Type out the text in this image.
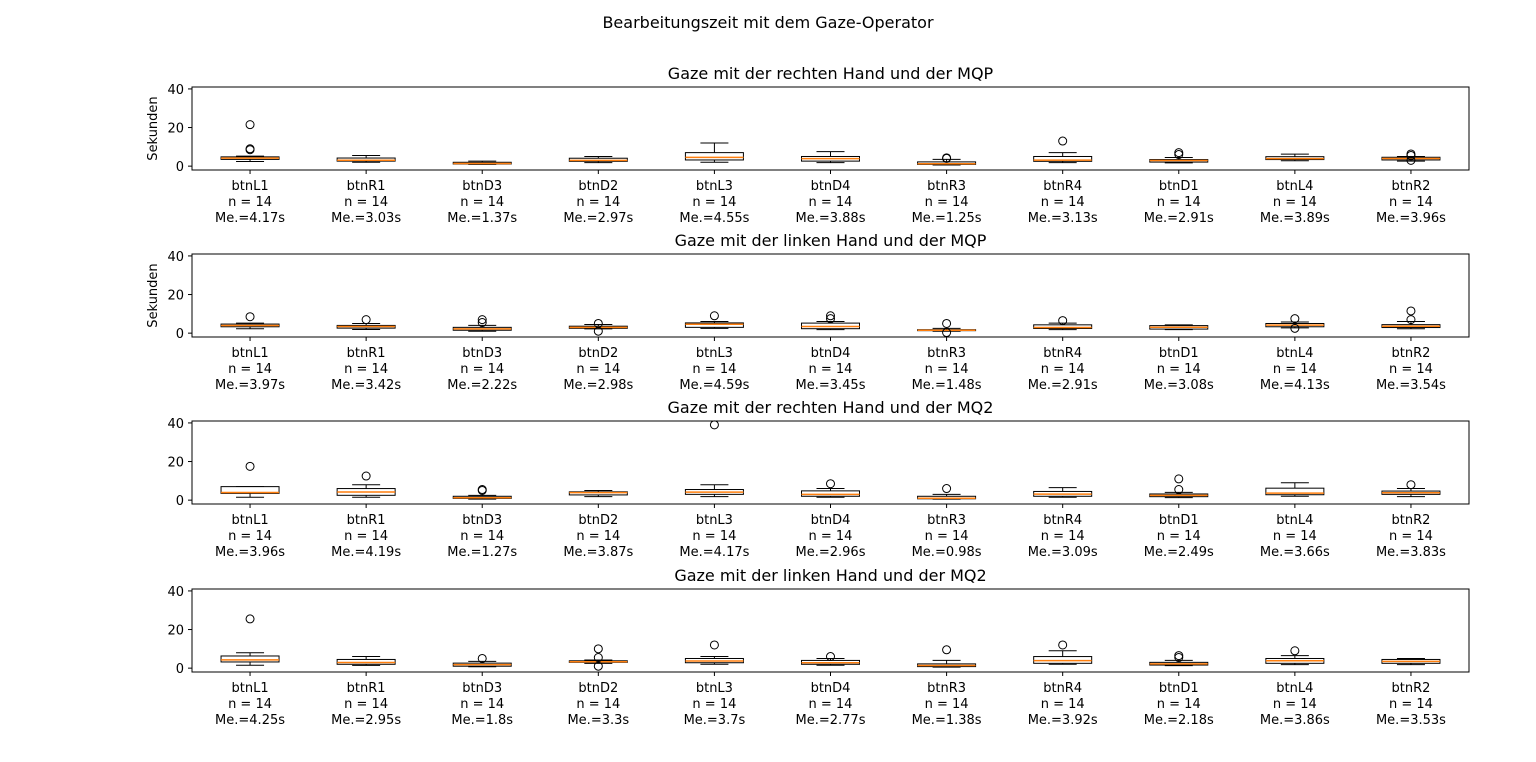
Bearbeitungszeit mit dem Gaze-Operator
Gaze mit der rechten Hand und der MQP
0
20
40
Sekunden
btnL1
n = 14
Me.=4.17s
btnR1
n = 14
Me.=3.03s
btnD3
n = 14
Me.=1.37s
btnD2
n = 14
Me.=2.97s
btnL3
n = 14
Me.=4.55s
btnD4
n = 14
Me.=3.88s
btnR3
n = 14
Me.=1.25s
btnR4
n = 14
Me.=3.13s
btnD1
n = 14
Me.=2.91s
btnL4
n = 14
Me.=3.89s
btnR2
n = 14
Me.=3.96s
Gaze mit der linken Hand und der MQP
0
20
40
Sekunden
btnL1
n = 14
Me.=3.97s
btnR1
n = 14
Me.=3.42s
btnD3
n = 14
Me.=2.22s
btnD2
n = 14
Me.=2.98s
btnL3
n = 14
Me.=4.59s
btnD4
n = 14
Me.=3.45s
btnR3
n = 14
Me.=1.48s
btnR4
n = 14
Me.=2.91s
btnD1
n = 14
Me.=3.08s
btnL4
n = 14
Me.=4.13s
btnR2
n = 14
Me.=3.54s
Gaze mit der rechten Hand und der MQ2
0
20
40
btnL1
n = 14
Me.=3.96s
btnR1
n = 14
Me.=4.19s
btnD3
n = 14
Me.=1.27s
btnD2
n = 14
Me.=3.87s
btnL3
n = 14
Me.=4.17s
btnD4
n = 14
Me.=2.96s
btnR3
n = 14
Me.=0.98s
btnR4
n = 14
Me.=3.09s
btnD1
n = 14
Me.=2.49s
btnL4
n = 14
Me.=3.66s
btnR2
n = 14
Me.=3.83s
Gaze mit der linken Hand und der MQ2
0
20
40
btnL1
n = 14
Me.=4.25s
btnR1
n = 14
Me.=2.95s
btnD3
n = 14
Me.=1.8s
btnD2
n = 14
Me.=3.3s
btnL3
n = 14
Me.=3.7s
btnD4
n = 14
Me.=2.77s
btnR3
n = 14
Me.=1.38s
btnR4
n = 14
Me.=3.92s
btnD1
n = 14
Me.=2.18s
btnL4
n = 14
Me.=3.86s
btnR2
n = 14
Me.=3.53s
